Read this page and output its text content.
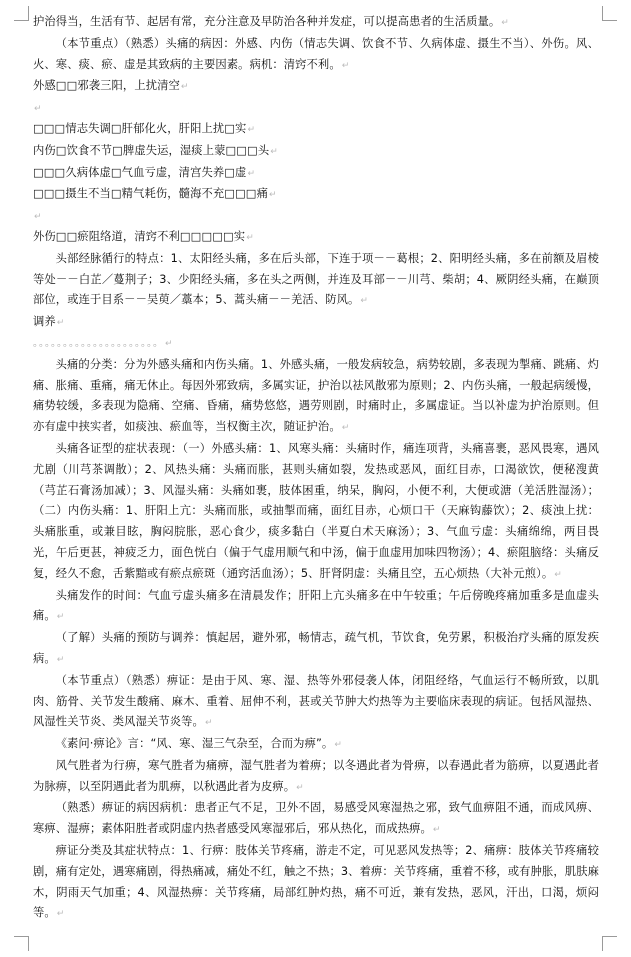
护治得当，生活有节、起居有常，充分注意及早防治各种并发症，可以提高患者的生活质量。↵

（本节重点）（熟悉）头痛的病因：外感、内伤（情志失调、饮食不节、久病体虚、摄生不当）、外伤。风、火、寒、痰、瘀、虚是其致病的主要因素。病机：清窍不利。↵

外感□□邪袭三阳，上扰清空↵

↵

□□□情志失调□肝郁化火，肝阳上扰□实↵

内伤□饮食不节□脾虚失运，湿痰上蒙□□□头↵

□□□久病体虚□气血亏虚，清宫失养□虚↵

□□□摄生不当□精气耗伤，髓海不充□□□痛↵

↵

外伤□□瘀阻络道，清窍不利□□□□□实↵

头部经脉循行的特点：1、太阳经头痛，多在后头部，下连于项－－葛根；2、阳明经头痛，多在前额及眉棱等处－－白芷／蔓荆子；3、少阳经头痛，多在头之两侧，并连及耳部－－川芎、柴胡；4、厥阴经头痛，在巅顶部位，或连于目系－－吴萸／藁本；5、蒿头痛－－羌活、防风。↵

调养↵

。。。。。。。。。。。。。。。。。。。。。↵

头痛的分类：分为外感头痛和内伤头痛。1、外感头痛，一般发病较急，病势较剧，多表现为掣痛、跳痛、灼痛、胀痛、重痛，痛无休止。每因外邪致病，多属实证，护治以祛风散邪为原则；2、内伤头痛，一般起病缓慢，痛势较缓，多表现为隐痛、空痛、昏痛，痛势悠悠，遇劳则剧，时痛时止，多属虚证。当以补虚为护治原则。但亦有虚中挟实者，如痰浊、瘀血等，当权衡主次，随证护治。↵

头痛各证型的症状表现：（一）外感头痛：1、风寒头痛：头痛时作，痛连项背，头痛喜裹，恶风畏寒，遇风尤剧（川芎茶调散）；2、风热头痛：头痛而胀，甚则头痛如裂，发热或恶风，面红目赤，口渴欲饮，便秘溲黄（芎芷石膏汤加减）；3、风湿头痛：头痛如裹，肢体困重，纳呆，胸闷，小便不利，大便或溏（羌活胜湿汤）；（二）内伤头痛：1、肝阳上亢：头痛而胀，或抽掣而痛，面红目赤，心烦口干（天麻钩藤饮）；2、痰浊上扰：头痛胀重，或兼目眩，胸闷脘胀，恶心食少，痰多黏白（半夏白术天麻汤）；3、气血亏虚：头痛绵绵，两目畏光，午后更甚，神疲乏力，面色恍白（偏于气虚用顺气和中汤，偏于血虚用加味四物汤）；4、瘀阻脑络：头痛反复，经久不愈，舌紫黯或有瘀点瘀斑（通窍活血汤）；5、肝肾阴虚：头痛且空，五心烦热（大补元煎）。↵

头痛发作的时间：气血亏虚头痛多在清晨发作；肝阳上亢头痛多在中午较重；午后傍晚疼痛加重多是血虚头痛。↵

（了解）头痛的预防与调养：慎起居，避外邪，畅情志，疏气机，节饮食，免劳累，积极治疗头痛的原发疾病。↵

（本节重点）（熟悉）痹证：是由于风、寒、湿、热等外邪侵袭人体，闭阻经络，气血运行不畅所致，以肌肉、筋骨、关节发生酸痛、麻木、重着、屈伸不利，甚或关节肿大灼热等为主要临床表现的病证。包括风湿热、风湿性关节炎、类风湿关节炎等。↵

《素问·痹论》言：“风、寒、湿三气杂至，合而为痹”。↵

风气胜者为行痹，寒气胜者为痛痹，湿气胜者为着痹；以冬遇此者为骨痹，以春遇此者为筋痹，以夏遇此者为脉痹，以至阴遇此者为肌痹，以秋遇此者为皮痹。↵

（熟悉）痹证的病因病机：患者正气不足，卫外不固，易感受风寒湿热之邪，致气血痹阻不通，而成风痹、寒痹、湿痹；素体阳胜者或阴虚内热者感受风寒湿邪后，邪从热化，而成热痹。↵

痹证分类及其症状特点：1、行痹：肢体关节疼痛，游走不定，可见恶风发热等；2、痛痹：肢体关节疼痛较剧，痛有定处，遇寒痛剧，得热痛减，痛处不红，触之不热；3、着痹：关节疼痛，重着不移，或有肿胀，肌肤麻木，阴雨天气加重；4、风湿热痹：关节疼痛，局部红肿灼热，痛不可近，兼有发热，恶风，汗出，口渴，烦闷等。↵
